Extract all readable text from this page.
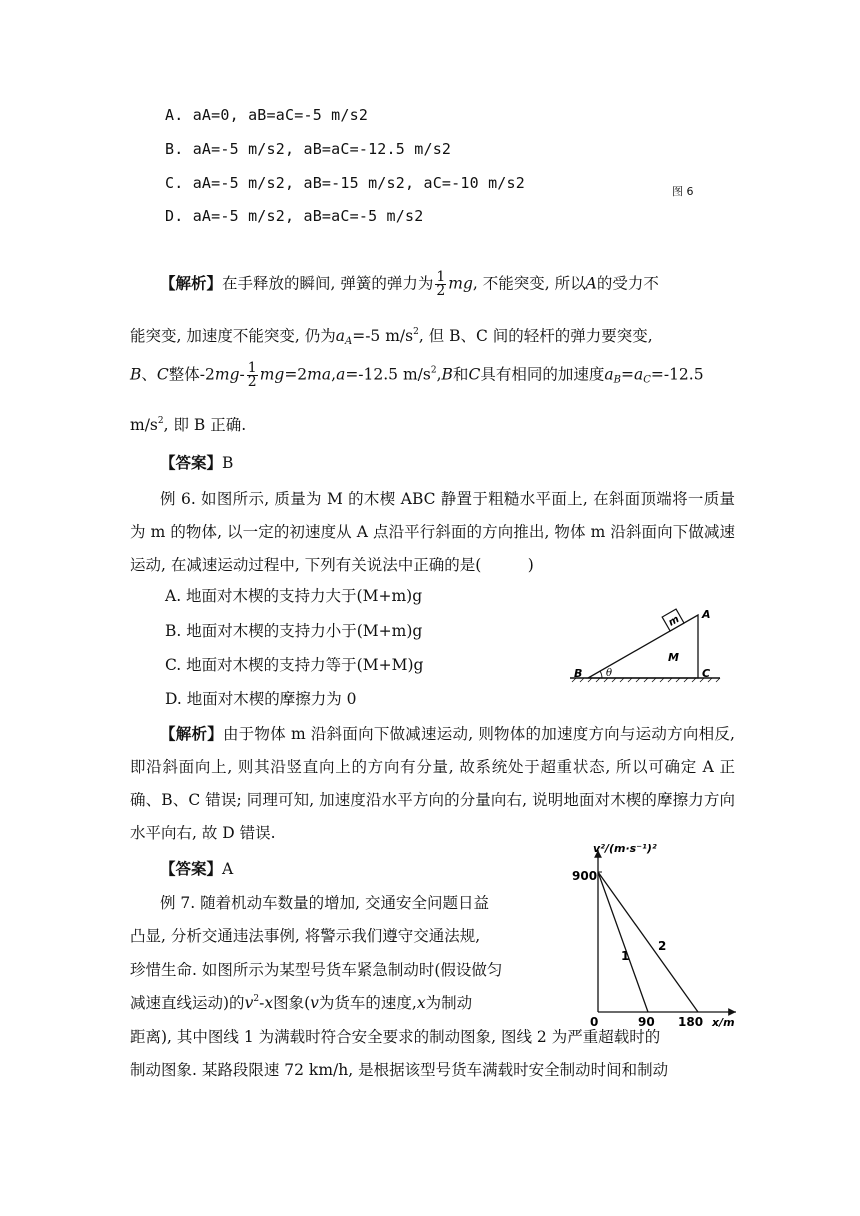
A. aA=0, aB=aC=-5 m/s2
B. aA=-5 m/s2, aB=aC=-12.5 m/s2
C. aA=-5 m/s2, aB=-15 m/s2, aC=-10 m/s2
D. aA=-5 m/s2, aB=aC=-5 m/s2
图 6
【解析】在手释放的瞬间, 弹簧的弹力为 $\frac{1}{2}$ mg, 不能突变, 所以A的受力不
能突变, 加速度不能突变, 仍为$a_A=-5$ $m/s^2$, 但 B、C 间的轻杆的弹力要突变,
B、C整体$-2mg- \frac{1}{2} mg=2ma,a=-12.5$ $m/s^2,B$和C具有相同的加速度$a_B=a_C=-12.5$
$m/s^2$, 即 B 正确.
【答案】B
例 6. 如图所示, 质量为 M 的木楔 ABC 静置于粗糙水平面上, 在斜面顶端将一质量为 m 的物体, 以一定的初速度从 A 点沿平行斜面的方向推出, 物体 m 沿斜面向下做减速运动, 在减速运动过程中, 下列有关说法中正确的是(　　　)
A. 地面对木楔的支持力大于(M+m)g
B. 地面对木楔的支持力小于(M+m)g
C. 地面对木楔的支持力等于(M+M)g
D. 地面对木楔的摩擦力为 0
m
θ
A
B	C
M
【解析】由于物体 m 沿斜面向下做减速运动, 则物体的加速度方向与运动方向相反, 即沿斜面向上, 则其沿竖直向上的方向有分量, 故系统处于超重状态, 所以可确定 A 正确、B、C 错误; 同理可知, 加速度沿水平方向的分量向右, 说明地面对木楔的摩擦力方向水平向右, 故 D 错误.
【答案】A
例 7. 随着机动车数量的增加, 交通安全问题日益
凸显, 分析交通违法事例, 将警示我们遵守交通法规,
珍惜生命. 如图所示为某型号货车紧急制动时(假设做匀
减速直线运动)的$v^2-x$图象(v为货车的速度,x为制动
距离), 其中图线 1 为满载时符合安全要求的制动图象, 图线 2 为严重超载时的
制动图象. 某路段限速 72 km/h, 是根据该型号货车满载时安全制动时间和制动
v²/(m·s⁻¹)²
x/m
900
0	90 180
1
2
